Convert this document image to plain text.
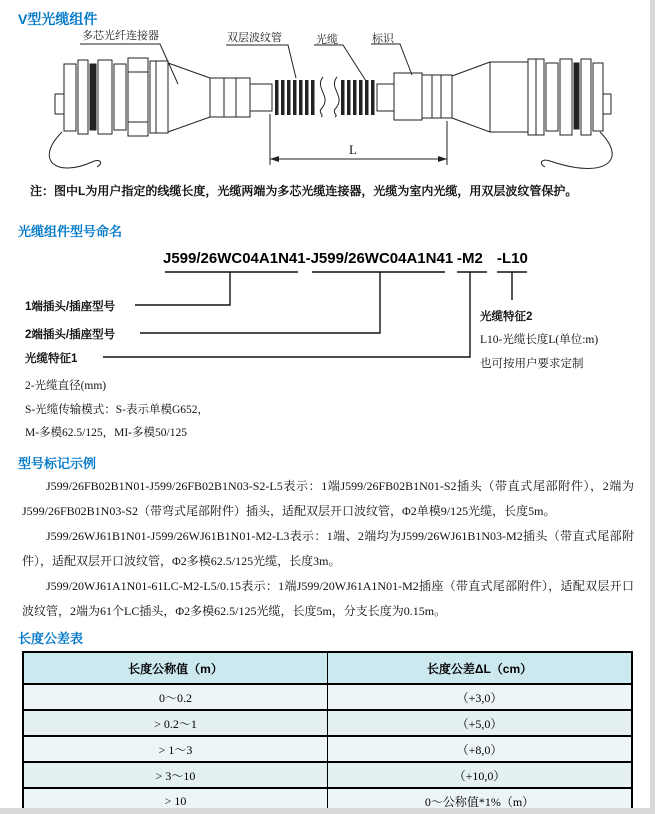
V型光缆组件
L
多芯光纤连接器	双层波纹管	光缆	标识
注：图中L为用户指定的线缆长度，光缆两端为多芯光缆连接器，光缆为室内光缆，用双层波纹管保护。
光缆组件型号命名
J599/26WC04A1N41-J599/26WC04A1N41 -M2 -L10
1端插头/插座型号
2端插头/插座型号
光缆特征1
光缆特征2
L10-光缆长度L(单位:m)
也可按用户要求定制
2-光缆直径(mm)
S-光缆传输模式：S-表示单模G652，
M-多模62.5/125，MI-多模50/125
型号标记示例

J599/26FB02B1N01-J599/26FB02B1N03-S2-L5表示：1端J599/26FB02B1N01-S2插头（带直式尾部附件），2端为J599/26FB02B1N03-S2（带弯式尾部附件）插头，适配双层开口波纹管，Φ2单模9/125光缆，长度5m。

J599/26WJ61B1N01-J599/26WJ61B1N01-M2-L3表示：1端、2端均为J599/26WJ61B1N03-M2插头（带直式尾部附件），适配双层开口波纹管，Φ2多模62.5/125光缆，长度3m。

J599/20WJ61A1N01-61LC-M2-L5/0.15表示：1端J599/20WJ61A1N01-M2插座（带直式尾部附件），适配双层开口波纹管，2端为61个LC插头，Φ2多模62.5/125光缆，长度5m，分支长度为0.15m。

长度公差表
长度公称值（m）	长度公差ΔL（cm）
0～0.2	（+3,0）
> 0.2～1	（+5,0）
> 1～3	（+8,0）
> 3～10	（+10,0）
> 10	0～公称值*1%（m）
